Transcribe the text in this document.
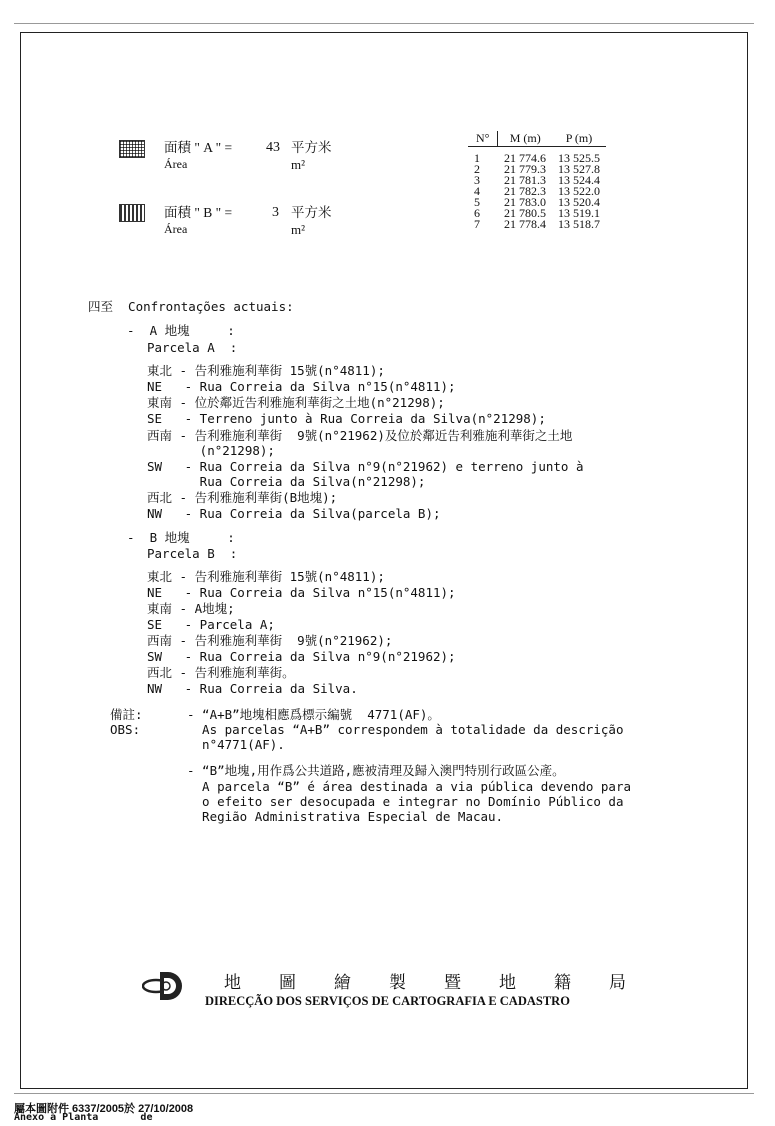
面積 " A " = 43 平方米
Área	m²
面積 " B " =	3 平方米
Área	m²
N°	M (m)	P (m)
1	21 774.6	13 525.5
2	21 779.3	13 527.8
3	21 781.3	13 524.4
4	21 782.3	13 522.0
5	21 783.0	13 520.4
6	21 780.5	13 519.1
7	21 778.4	13 518.7
四至  Confrontações actuais:
-  A 地塊     :
Parcela A  :
東北 - 告利雅施利華街 15號(n°4811);
NE   - Rua Correia da Silva n°15(n°4811);
東南 - 位於鄰近告利雅施利華街之土地(n°21298);
SE   - Terreno junto à Rua Correia da Silva(n°21298);
西南 - 告利雅施利華街  9號(n°21962)及位於鄰近告利雅施利華街之土地
(n°21298);
SW   - Rua Correia da Silva n°9(n°21962) e terreno junto à
Rua Correia da Silva(n°21298);
西北 - 告利雅施利華街(B地塊);
NW   - Rua Correia da Silva(parcela B);
-  B 地塊     :
Parcela B  :
東北 - 告利雅施利華街 15號(n°4811);
NE   - Rua Correia da Silva n°15(n°4811);
東南 - A地塊;
SE   - Parcela A;
西南 - 告利雅施利華街  9號(n°21962);
SW   - Rua Correia da Silva n°9(n°21962);
西北 - 告利雅施利華街。
NW   - Rua Correia da Silva.
備註:
OBS:
- “A+B”地塊相應爲標示編號  4771(AF)。
As parcelas “A+B” correspondem à totalidade da descrição
n°4771(AF).
- “B”地塊,用作爲公共道路,應被清理及歸入澳門特別行政區公產。
A parcela “B” é área destinada a via pública devendo para
o efeito ser desocupada e integrar no Domínio Público da
Região Administrativa Especial de Macau.
地圖繪製暨地籍局
DIRECÇÃO DOS SERVIÇOS DE CARTOGRAFIA E CADASTRO
屬本圖附件 6337/2005於 27/10/2008
Anexo à Planta       de
